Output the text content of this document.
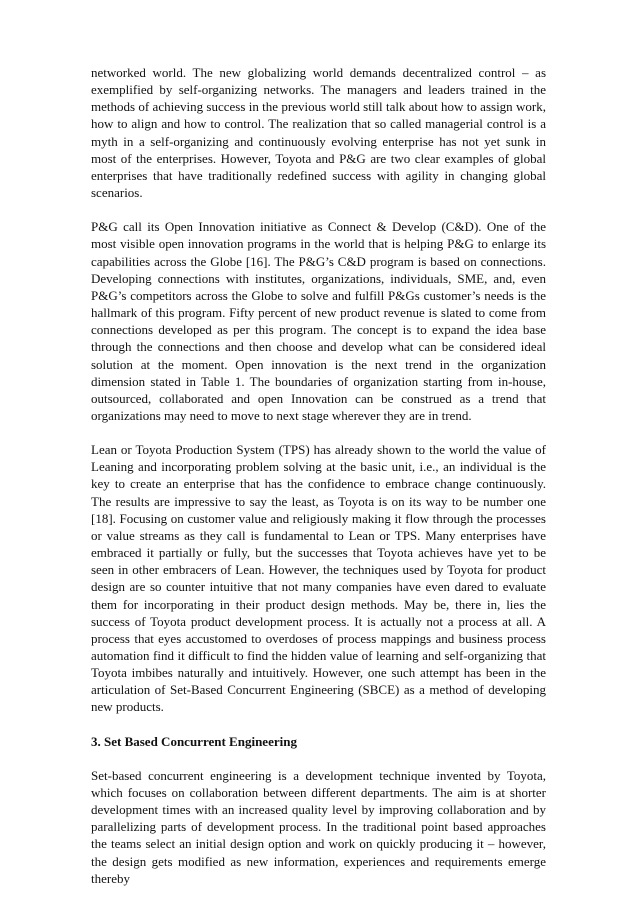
networked world. The new globalizing world demands decentralized control – as exemplified by self-organizing networks. The managers and leaders trained in the methods of achieving success in the previous world still talk about how to assign work, how to align and how to control. The realization that so called managerial control is a myth in a self-organizing and continuously evolving enterprise has not yet sunk in most of the enterprises. However, Toyota and P&G are two clear examples of global enterprises that have traditionally redefined success with agility in changing global scenarios.

P&G call its Open Innovation initiative as Connect & Develop (C&D). One of the most visible open innovation programs in the world that is helping P&G to enlarge its capabilities across the Globe [16]. The P&G’s C&D program is based on connections. Developing connections with institutes, organizations, individuals, SME, and, even P&G’s competitors across the Globe to solve and fulfill P&Gs customer’s needs is the hallmark of this program. Fifty percent of new product revenue is slated to come from connections developed as per this program. The concept is to expand the idea base through the connections and then choose and develop what can be considered ideal solution at the moment. Open innovation is the next trend in the organization dimension stated in Table 1. The boundaries of organization starting from in-house, outsourced, collaborated and open Innovation can be construed as a trend that organizations may need to move to next stage wherever they are in trend.

Lean or Toyota Production System (TPS) has already shown to the world the value of Leaning and incorporating problem solving at the basic unit, i.e., an individual is the key to create an enterprise that has the confidence to embrace change continuously. The results are impressive to say the least, as Toyota is on its way to be number one [18]. Focusing on customer value and religiously making it flow through the processes or value streams as they call is fundamental to Lean or TPS. Many enterprises have embraced it partially or fully, but the successes that Toyota achieves have yet to be seen in other embracers of Lean. However, the techniques used by Toyota for product design are so counter intuitive that not many companies have even dared to evaluate them for incorporating in their product design methods. May be, there in, lies the success of Toyota product development process. It is actually not a process at all. A process that eyes accustomed to overdoses of process mappings and business process automation find it difficult to find the hidden value of learning and self-organizing that Toyota imbibes naturally and intuitively. However, one such attempt has been in the articulation of Set-Based Concurrent Engineering (SBCE) as a method of developing new products.

3. Set Based Concurrent Engineering

Set-based concurrent engineering is a development technique invented by Toyota, which focuses on collaboration between different departments. The aim is at shorter development times with an increased quality level by improving collaboration and by parallelizing parts of development process. In the traditional point based approaches the teams select an initial design option and work on quickly producing it – however, the design gets modified as new information, experiences and requirements emerge thereby
